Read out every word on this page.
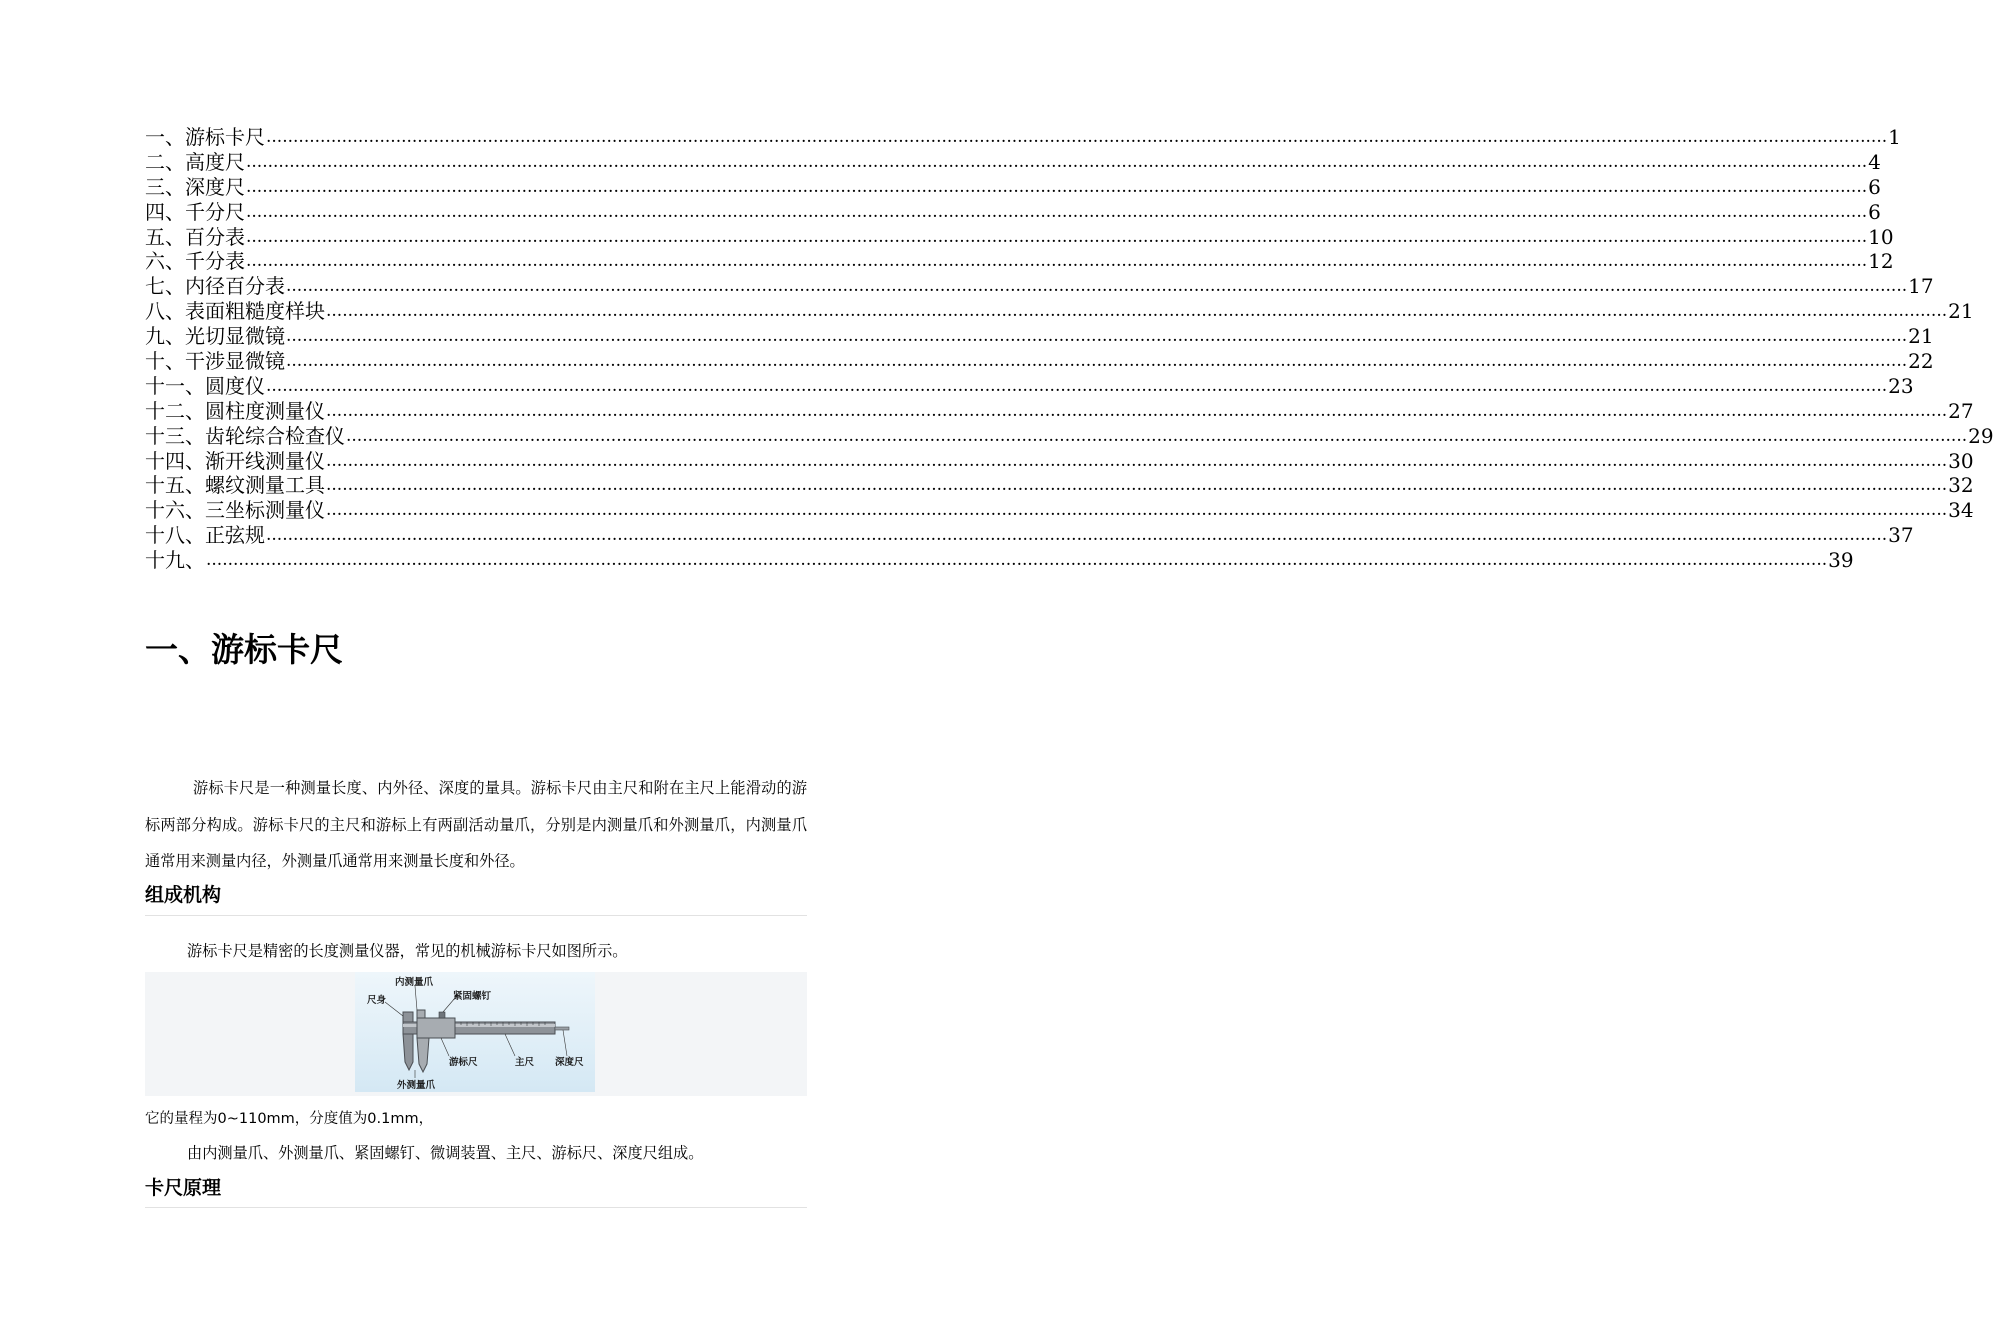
一、游标卡尺 ............................................................................................................................................................................................................................................................................................................ 1
二、高度尺 ............................................................................................................................................................................................................................................................................................................ 4
三、深度尺 ............................................................................................................................................................................................................................................................................................................ 6
四、千分尺 ............................................................................................................................................................................................................................................................................................................ 6
五、百分表 ............................................................................................................................................................................................................................................................................................................ 10
六、千分表 ............................................................................................................................................................................................................................................................................................................ 12
七、内径百分表 ............................................................................................................................................................................................................................................................................................................ 17
八、表面粗糙度样块 ............................................................................................................................................................................................................................................................................................................ 21
九、光切显微镜 ............................................................................................................................................................................................................................................................................................................ 21
十、干涉显微镜 ............................................................................................................................................................................................................................................................................................................ 22
十一、圆度仪 ............................................................................................................................................................................................................................................................................................................ 23
十二、圆柱度测量仪 ............................................................................................................................................................................................................................................................................................................ 27
十三、齿轮综合检查仪 ............................................................................................................................................................................................................................................................................................................ 29
十四、渐开线测量仪 ............................................................................................................................................................................................................................................................................................................ 30
十五、螺纹测量工具 ............................................................................................................................................................................................................................................................................................................ 32
十六、三坐标测量仪 ............................................................................................................................................................................................................................................................................................................ 34
十八、正弦规 ............................................................................................................................................................................................................................................................................................................ 37
十九、 ............................................................................................................................................................................................................................................................................................................ 39
一、游标卡尺

游标卡尺是一种测量长度、内外径、深度的量具。游标卡尺由主尺和附在主尺上能滑动的游标两部分构成。游标卡尺的主尺和游标上有两副活动量爪，分别是内测量爪和外测量爪，内测量爪通常用来测量内径，外测量爪通常用来测量长度和外径。

组成机构

游标卡尺是精密的长度测量仪器，常见的机械游标卡尺如图所示。

内测量爪
紧固螺钉
尺身
游标尺	主尺 深度尺
外测量爪

它的量程为0~110mm，分度值为0.1mm，

由内测量爪、外测量爪、紧固螺钉、微调装置、主尺、游标尺、深度尺组成。

卡尺原理
